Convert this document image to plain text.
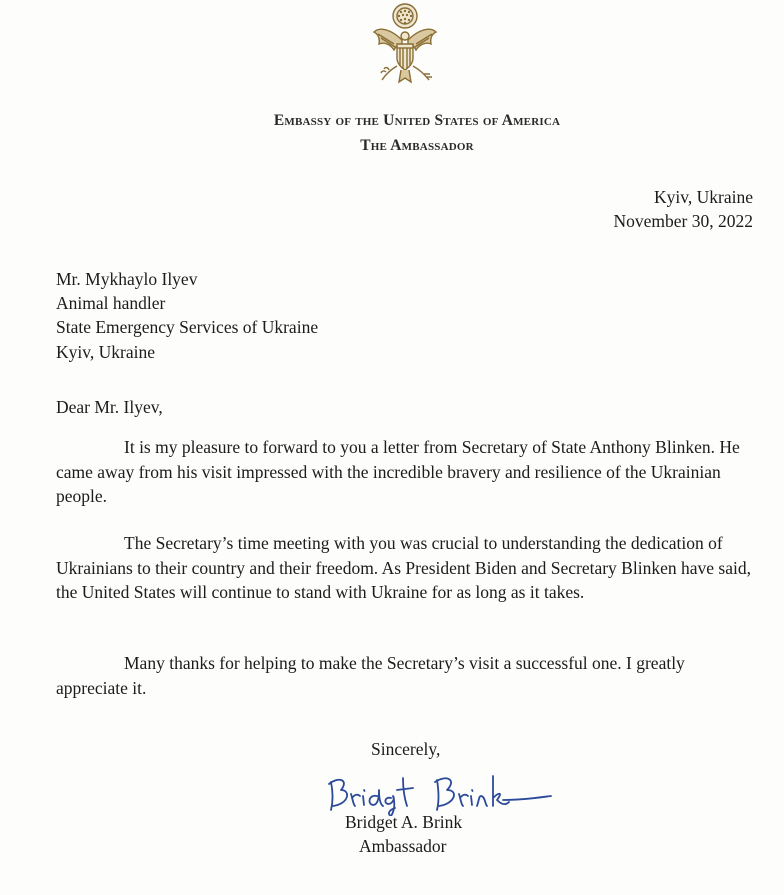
Embassy of the United States of America
The Ambassador
Kyiv, Ukraine
November 30, 2022
Mr. Mykhaylo Ilyev
Animal handler
State Emergency Services of Ukraine
Kyiv, Ukraine
Dear Mr. Ilyev,

It is my pleasure to forward to you a letter from Secretary of State Anthony Blinken. He came away from his visit impressed with the incredible bravery and resilience of the Ukrainian people.

The Secretary’s time meeting with you was crucial to understanding the dedication of Ukrainians to their country and their freedom. As President Biden and Secretary Blinken have said, the United States will continue to stand with Ukraine for as long as it takes.

Many thanks for helping to make the Secretary’s visit a successful one. I greatly appreciate it.

Sincerely,
Bridget A. Brink
Ambassador
